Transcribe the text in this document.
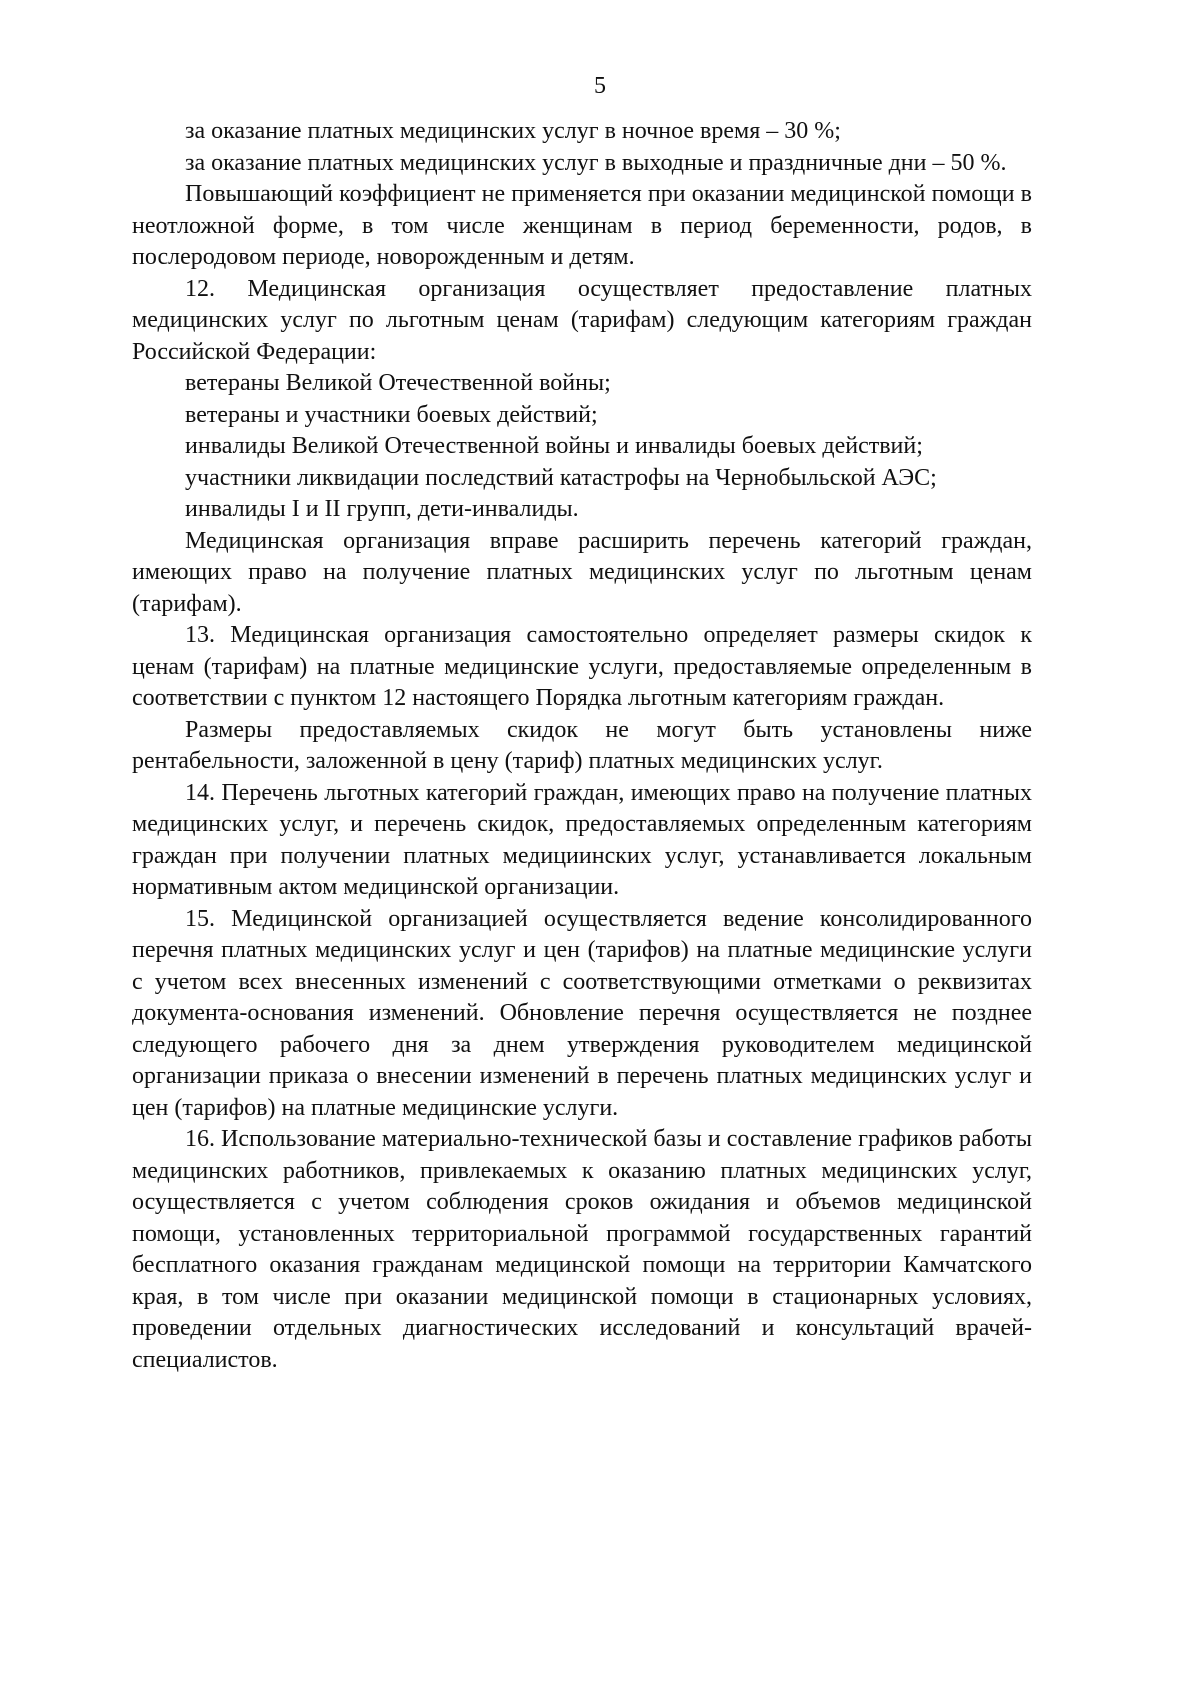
5

за оказание платных медицинских услуг в ночное время – 30 %;

за оказание платных медицинских услуг в выходные и праздничные дни – 50 %.

Повышающий коэффициент не применяется при оказании медицинской помощи в неотложной форме, в том числе женщинам в период беременности, родов, в послеродовом периоде, новорожденным и детям.

12. Медицинская организация осуществляет предоставление платных медицинских услуг по льготным ценам (тарифам) следующим категориям граждан Российской Федерации:

ветераны Великой Отечественной войны;

ветераны и участники боевых действий;

инвалиды Великой Отечественной войны и инвалиды боевых действий;

участники ликвидации последствий катастрофы на Чернобыльской АЭС;

инвалиды I и II групп, дети-инвалиды.

Медицинская организация вправе расширить перечень категорий граждан, имеющих право на получение платных медицинских услуг по льготным ценам (тарифам).

13. Медицинская организация самостоятельно определяет размеры скидок к ценам (тарифам) на платные медицинские услуги, предоставляемые определенным в соответствии с пунктом 12 настоящего Порядка льготным категориям граждан.

Размеры предоставляемых скидок не могут быть установлены ниже рентабельности, заложенной в цену (тариф) платных медицинских услуг.

14. Перечень льготных категорий граждан, имеющих право на получение платных медицинских услуг, и перечень скидок, предоставляемых определенным категориям граждан при получении платных медициинских услуг, устанавливается локальным нормативным актом медицинской организации.

15. Медицинской организацией осуществляется ведение консолидированного перечня платных медицинских услуг и цен (тарифов) на платные медицинские услуги с учетом всех внесенных изменений с соответствующими отметками о реквизитах документа-основания изменений. Обновление перечня осуществляется не позднее следующего рабочего дня за днем утверждения руководителем медицинской организации приказа о внесении изменений в перечень платных медицинских услуг и цен (тарифов) на платные медицинские услуги.

16. Использование материально-технической базы и составление графиков работы медицинских работников, привлекаемых к оказанию платных медицинских услуг, осуществляется с учетом соблюдения сроков ожидания и объемов медицинской помощи, установленных территориальной программой государственных гарантий бесплатного оказания гражданам медицинской помощи на территории Камчатского края, в том числе при оказании медицинской помощи в стационарных условиях, проведении отдельных диагностических исследований и консультаций врачей-специалистов.
